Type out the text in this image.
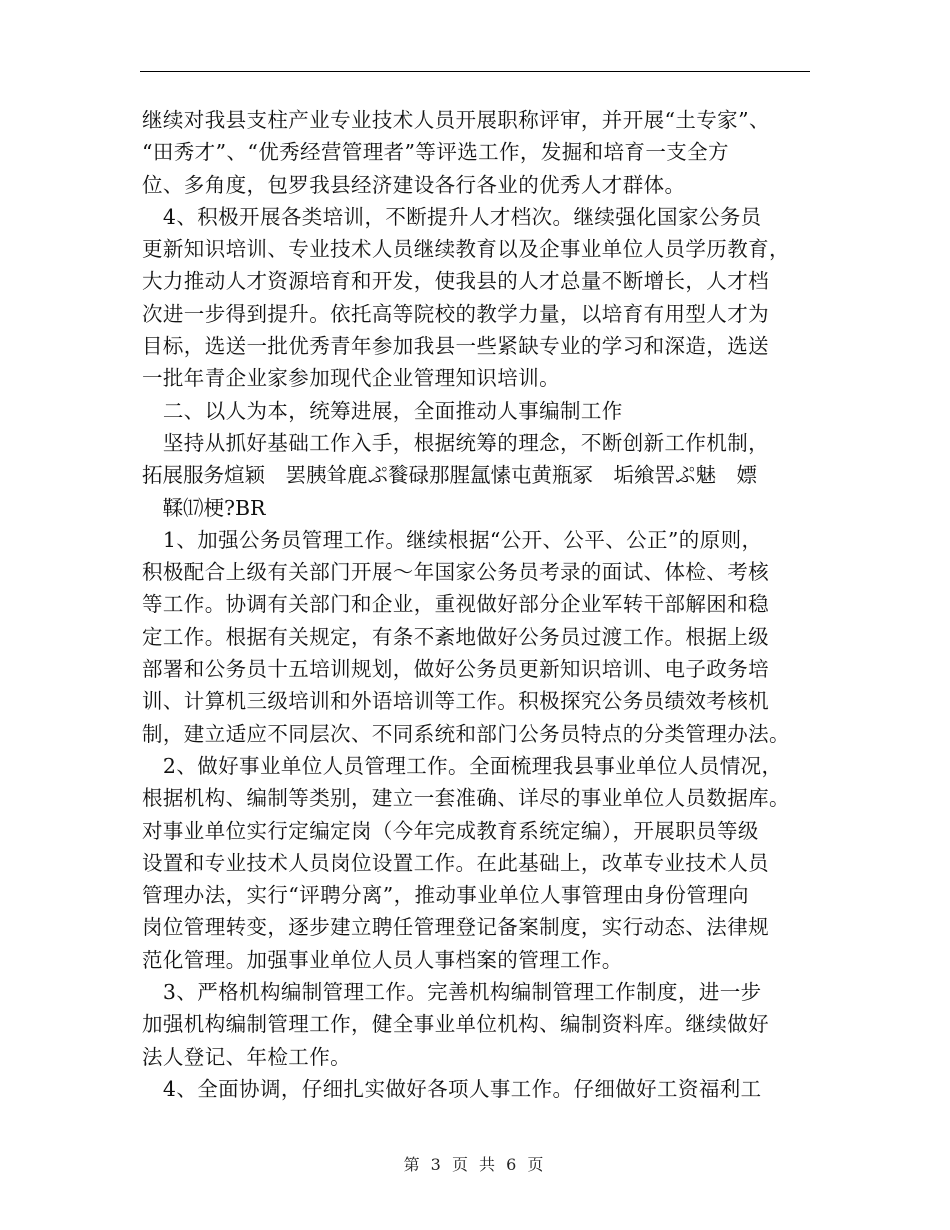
继续对我县支柱产业专业技术人员开展职称评审，并开展“土专家”、
“田秀才”、“优秀经营管理者”等评选工作，发掘和培育一支全方
位、多角度，包罗我县经济建设各行各业的优秀人才群体。
　4、积极开展各类培训，不断提升人才档次。继续强化国家公务员
更新知识培训、专业技术人员继续教育以及企事业单位人员学历教育，
大力推动人才资源培育和开发，使我县的人才总量不断增长，人才档
次进一步得到提升。依托高等院校的教学力量，以培育有用型人才为
目标，选送一批优秀青年参加我县一些紧缺专业的学习和深造，选送
一批年青企业家参加现代企业管理知识培训。
　二、以人为本，统筹进展，全面推动人事编制工作
　坚持从抓好基础工作入手，根据统筹的理念，不断创新工作机制，
拓展服务煊颖　罢胰耸鹿ぷ餮碌那腥氲愫屯黄瓶冢　垢飨罟ぷ魅　嫖
　鞣⒄梗?BR
　1、加强公务员管理工作。继续根据“公开、公平、公正”的原则，
积极配合上级有关部门开展～年国家公务员考录的面试、体检、考核
等工作。协调有关部门和企业，重视做好部分企业军转干部解困和稳
定工作。根据有关规定，有条不紊地做好公务员过渡工作。根据上级
部署和公务员十五培训规划，做好公务员更新知识培训、电子政务培
训、计算机三级培训和外语培训等工作。积极探究公务员绩效考核机
制，建立适应不同层次、不同系统和部门公务员特点的分类管理办法。
　2、做好事业单位人员管理工作。全面梳理我县事业单位人员情况，
根据机构、编制等类别，建立一套准确、详尽的事业单位人员数据库。
对事业单位实行定编定岗（今年完成教育系统定编），开展职员等级
设置和专业技术人员岗位设置工作。在此基础上，改革专业技术人员
管理办法，实行“评聘分离”，推动事业单位人事管理由身份管理向
岗位管理转变，逐步建立聘任管理登记备案制度，实行动态、法律规
范化管理。加强事业单位人员人事档案的管理工作。
　3、严格机构编制管理工作。完善机构编制管理工作制度，进一步
加强机构编制管理工作，健全事业单位机构、编制资料库。继续做好
法人登记、年检工作。
　4、全面协调，仔细扎实做好各项人事工作。仔细做好工资福利工
第 3 页 共 6 页
